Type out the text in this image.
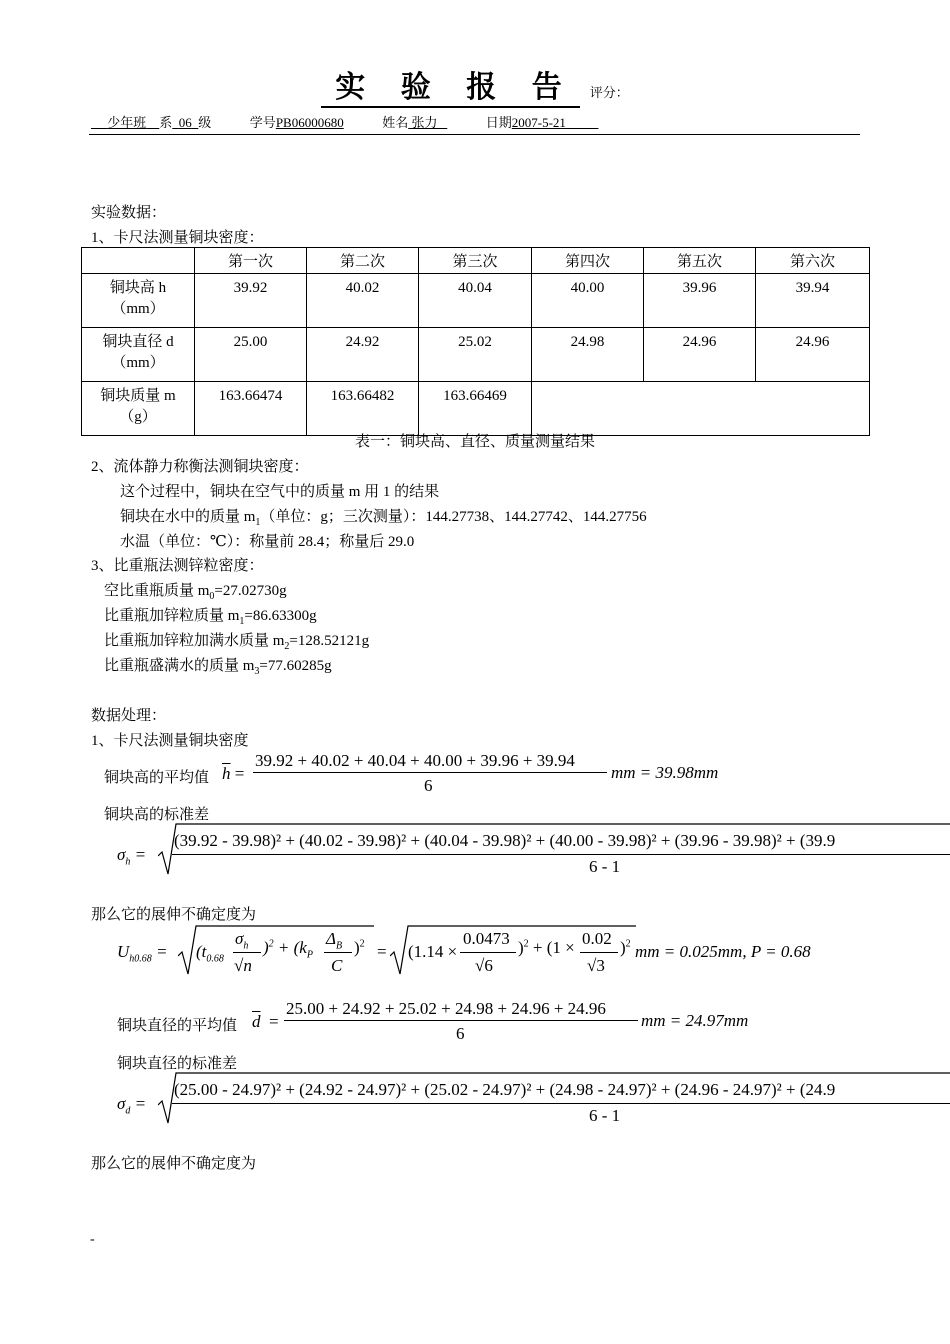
实 验 报 告 评分：
少年班 系 06 级	学号PB06000680	姓名 张力	日期2007-5-21
实验数据：
1、卡尺法测量铜块密度：
	第一次	第二次	第三次	第四次	第五次	第六次
铜块高 h
（mm）	39.92	40.02	40.04	40.00	39.96	39.94
铜块直径 d
（mm）	25.00	24.92	25.02	24.98	24.96	24.96
铜块质量 m
（g）	163.66474	163.66482	163.66469			
表一：铜块高、直径、质量测量结果
2、流体静力称衡法测铜块密度：
这个过程中，铜块在空气中的质量 m 用 1 的结果
铜块在水中的质量 $m_1$（单位：g；三次测量）：144.27738、144.27742、144.27756
水温（单位：℃）：称量前 28.4；称量后 29.0
3、比重瓶法测锌粒密度：
空比重瓶质量 $m_0=27.02730g$
比重瓶加锌粒质量 $m_1=86.63300g$
比重瓶加锌粒加满水质量 $m_2=128.52121g$
比重瓶盛满水的质量 $m_3=77.60285g$
数据处理：
1、卡尺法测量铜块密度
铜块高的平均值 $\overline{h}$ =
39.92 + 40.02 + 40.04 + 40.00 + 39.96 + 39.94
6
mm = 39.98mm
铜块高的标准差
$\sigma_h$ =
(39.92 - 39.98)² + (40.02 - 39.98)² + (40.04 - 39.98)² + (40.00 - 39.98)² + (39.96 - 39.98)² + (39.9
6 - 1
那么它的展伸不确定度为
$U_{h0.68} = (t_{0.68}$
$\sigma_h$
√n
)$^2 + (k_P$
$\Delta_B$
C
)$^2$ = (1.14 ×
0.0473
√6
)$^2$ + (1 × 0.02
√3
)$^2$ mm = 0.025mm, P = 0.68
铜块直径的平均值 $\overline{d}$  =
25.00 + 24.92 + 25.02 + 24.98 + 24.96 + 24.96
6
mm = 24.97mm
铜块直径的标准差
$\sigma_d$ =
(25.00 - 24.97)² + (24.92 - 24.97)² + (25.02 - 24.97)² + (24.98 - 24.97)² + (24.96 - 24.97)² + (24.9
6 - 1
那么它的展伸不确定度为
-
